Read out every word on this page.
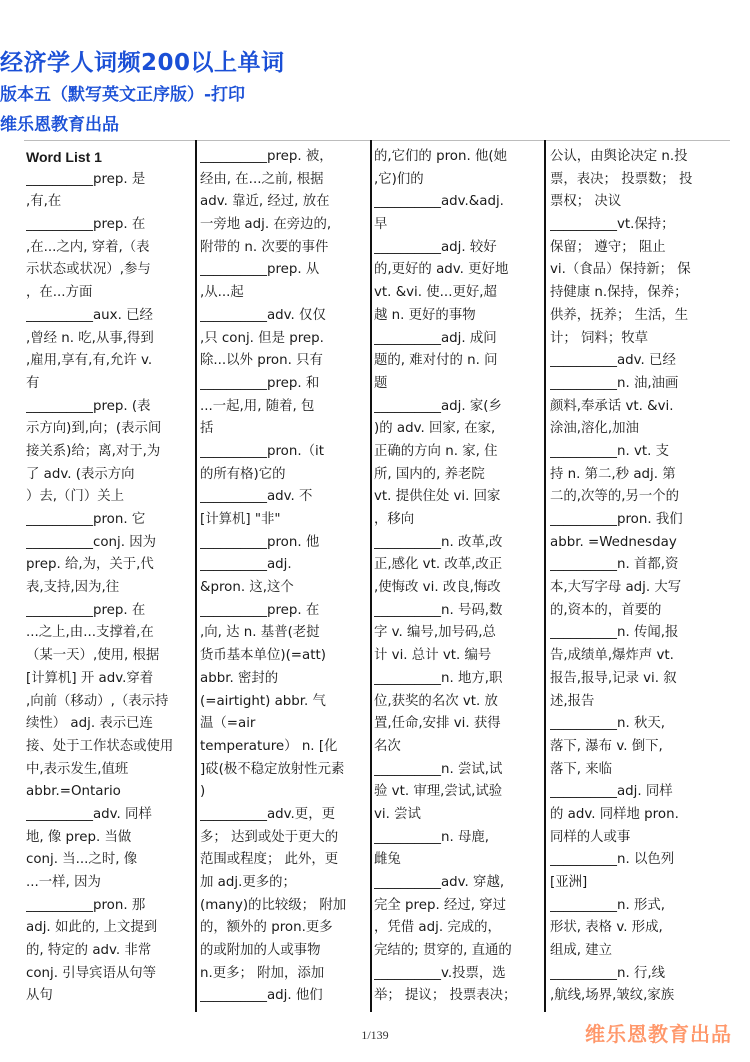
经济学人词频200以上单词
版本五（默写英文正序版）-打印
维乐恩教育出品
Word List 1
__________prep. 是
,有,在
__________prep. 在
,在...之内, 穿着,（表
示状态或状况）,参与
，在...方面
__________aux. 已经
,曾经 n. 吃,从事,得到
,雇用,享有,有,允许 v.
有
__________prep. (表
示方向)到,向；(表示间
接关系)给；离,对于,为
了 adv. (表示方向
）去,（门）关上
__________pron. 它
__________conj. 因为
prep. 给,为，关于,代
表,支持,因为,往
__________prep. 在
...之上,由...支撑着,在
（某一天）,使用, 根据
[计算机] 开 adv.穿着
,向前（移动）,（表示持
续性） adj. 表示已连
接、处于工作状态或使用
中,表示发生,值班
abbr.=Ontario
__________adv. 同样
地, 像 prep. 当做
conj. 当...之时, 像
...一样, 因为
__________pron. 那
adj. 如此的, 上文提到
的, 特定的 adv. 非常
conj. 引导宾语从句等
从句
__________prep. 被，
经由, 在...之前, 根据
adv. 靠近, 经过, 放在
一旁地 adj. 在旁边的,
附带的 n. 次要的事件
__________prep. 从
,从...起
__________adv. 仅仅
,只 conj. 但是 prep.
除...以外 pron. 只有
__________prep. 和
...一起,用, 随着, 包
括
__________pron.（it
的所有格)它的
__________adv. 不
[计算机] "非"
__________pron. 他
__________adj.
&pron. 这,这个
__________prep. 在
,向, 达 n. 基普(老挝
货币基本单位)(=att)
abbr. 密封的
(=airtight) abbr. 气
温（=air
temperature） n. [化
]砹(极不稳定放射性元素
)
__________adv.更，更
多； 达到或处于更大的
范围或程度； 此外，更
加 adj.更多的；
(many)的比较级； 附加
的，额外的 pron.更多
的或附加的人或事物
n.更多； 附加，添加
__________adj. 他们
的,它们的 pron. 他(她
,它)们的
__________adv.&adj.
早
__________adj. 较好
的,更好的 adv. 更好地
vt. &vi. 使...更好,超
越 n. 更好的事物
__________adj. 成问
题的, 难对付的 n. 问
题
__________adj. 家(乡
)的 adv. 回家, 在家,
正确的方向 n. 家, 住
所, 国内的, 养老院
vt. 提供住处 vi. 回家
，移向
__________n. 改革,改
正,感化 vt. 改革,改正
,使悔改 vi. 改良,悔改
__________n. 号码,数
字 v. 编号,加号码,总
计 vi. 总计 vt. 编号
__________n. 地方,职
位,获奖的名次 vt. 放
置,任命,安排 vi. 获得
名次
__________n. 尝试,试
验 vt. 审理,尝试,试验
vi. 尝试
__________n. 母鹿,
雌兔
__________adv. 穿越,
完全 prep. 经过, 穿过
，凭借 adj. 完成的，
完结的; 贯穿的, 直通的
__________v.投票，选
举； 提议； 投票表决；
公认，由舆论决定 n.投
票，表决； 投票数； 投
票权； 决议
__________vt.保持；
保留； 遵守； 阻止
vi.（食品）保持新； 保
持健康 n.保持，保养；
供养，抚养； 生活，生
计； 饲料；牧草
__________adv. 已经
__________n. 油,油画
颜料,奉承话 vt. &vi.
涂油,溶化,加油
__________n. vt. 支
持 n. 第二,秒 adj. 第
二的,次等的,另一个的
__________pron. 我们
abbr. =Wednesday
__________n. 首都,资
本,大写字母 adj. 大写
的,资本的，首要的
__________n. 传闻,报
告,成绩单,爆炸声 vt.
报告,报导,记录 vi. 叙
述,报告
__________n. 秋天,
落下, 瀑布 v. 倒下,
落下, 来临
__________adj. 同样
的 adv. 同样地 pron.
同样的人或事
__________n. 以色列
[亚洲]
__________n. 形式,
形状, 表格 v. 形成,
组成, 建立
__________n. 行,线
,航线,场界,皱纹,家族
1/139	维乐恩教育出品
